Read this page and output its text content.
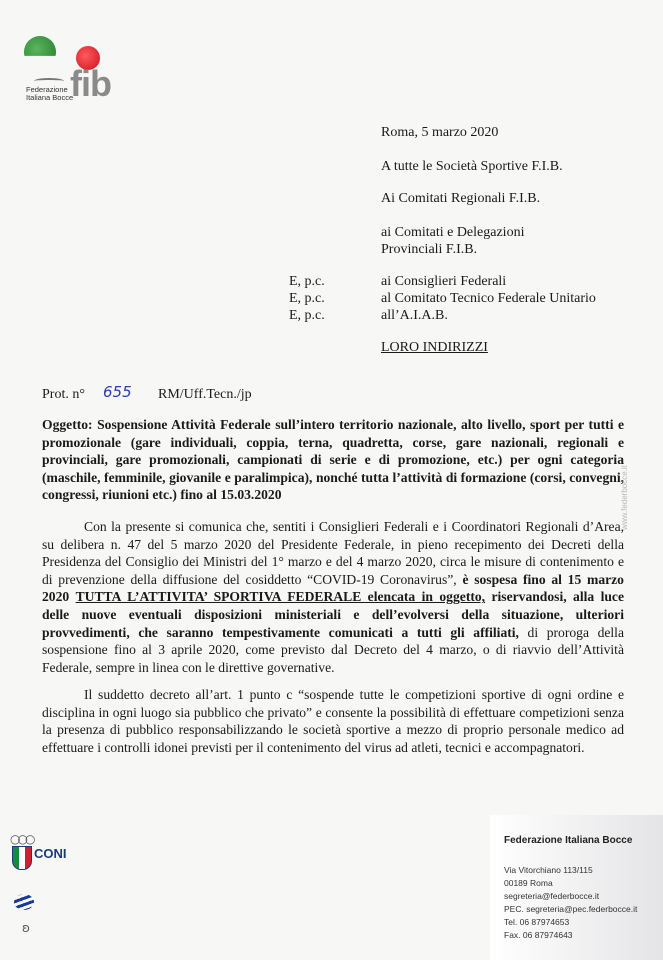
fib
Federazione
Italiana Bocce
Roma, 5 marzo 2020
A tutte le Società Sportive F.I.B.
Ai Comitati Regionali F.I.B.
ai Comitati e Delegazioni
Provinciali F.I.B.
E, p.c.	ai Consiglieri Federali
E, p.c.	al Comitato Tecnico Federale Unitario
E, p.c.	all’A.I.A.B.
LORO INDIRIZZI
Prot. n° 655 RM/Uff.Tecn./jp
Oggetto: Sospensione Attività Federale sull’intero territorio nazionale, alto livello, sport per tutti e promozionale (gare individuali, coppia, terna, quadretta, corse, gare nazionali, regionali e provinciali, gare promozionali, campionati di serie e di promozione, etc.) per ogni categoria (maschile, femminile, giovanile e paralimpica), nonché tutta l’attività di formazione (corsi, convegni, congressi, riunioni etc.) fino al 15.03.2020
Con la presente si comunica che, sentiti i Consiglieri Federali e i Coordinatori Regionali d’Area, su delibera n. 47 del 5 marzo 2020 del Presidente Federale, in pieno recepimento dei Decreti della Presidenza del Consiglio dei Ministri del 1° marzo e del 4 marzo 2020, circa le misure di contenimento e di prevenzione della diffusione del cosiddetto “COVID-19 Coronavirus”, è sospesa fino al 15 marzo 2020 TUTTA L’ATTIVITA’ SPORTIVA FEDERALE elencata in oggetto, riservandosi, alla luce delle nuove eventuali disposizioni ministeriali e dell’evolversi della situazione, ulteriori provvedimenti, che saranno tempestivamente comunicati a tutti gli affiliati, di proroga della sospensione fino al 3 aprile 2020, come previsto dal Decreto del 4 marzo, o di riavvio dell’Attività Federale, sempre in linea con le direttive governative.
Il suddetto decreto all’art. 1 punto c “sospende tutte le competizioni sportive di ogni ordine e disciplina in ogni luogo sia pubblico che privato” e consente la possibilità di effettuare competizioni senza la presenza di pubblico responsabilizzando le società sportive a mezzo di proprio personale medico ad effettuare i controlli idonei previsti per il contenimento del virus ad atleti, tecnici e accompagnatori.
www.federbocce.it
○○○
CONI
ʚ
Federazione Italiana Bocce
Via Vitorchiano 113/115
00189 Roma
segreteria@federbocce.it
PEC. segreteria@pec.federbocce.it
Tel. 06 87974653
Fax. 06 87974643
